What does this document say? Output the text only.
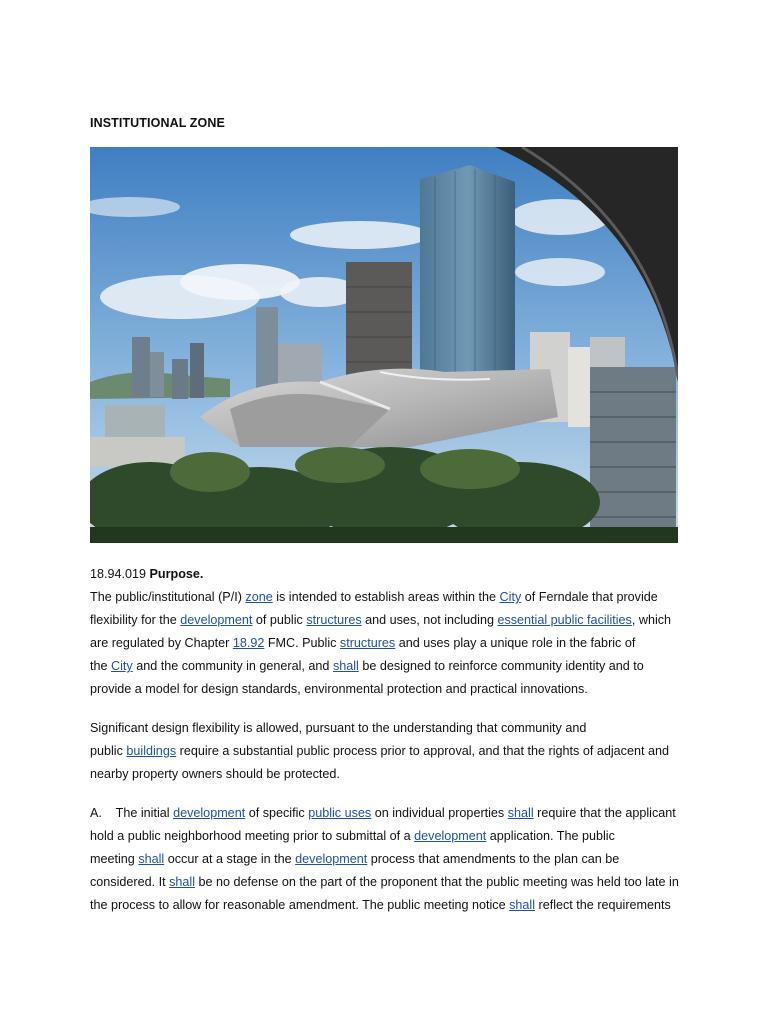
INSTITUTIONAL ZONE

18.94.019 Purpose.

The public/institutional (P/I) zone is intended to establish areas within the City of Ferndale that provide
flexibility for the development of public structures and uses, not including essential public facilities, which
are regulated by Chapter 18.92 FMC. Public structures and uses play a unique role in the fabric of
the City and the community in general, and shall be designed to reinforce community identity and to
provide a model for design standards, environmental protection and practical innovations.

Significant design flexibility is allowed, pursuant to the understanding that community and
public buildings require a substantial public process prior to approval, and that the rights of adjacent and
nearby property owners should be protected.
A.    The initial development of specific public uses on individual properties shall require that the applicant
hold a public neighborhood meeting prior to submittal of a development application. The public
meeting shall occur at a stage in the development process that amendments to the plan can be
considered. It shall be no defense on the part of the proponent that the public meeting was held too late in
the process to allow for reasonable amendment. The public meeting notice shall reflect the requirements
